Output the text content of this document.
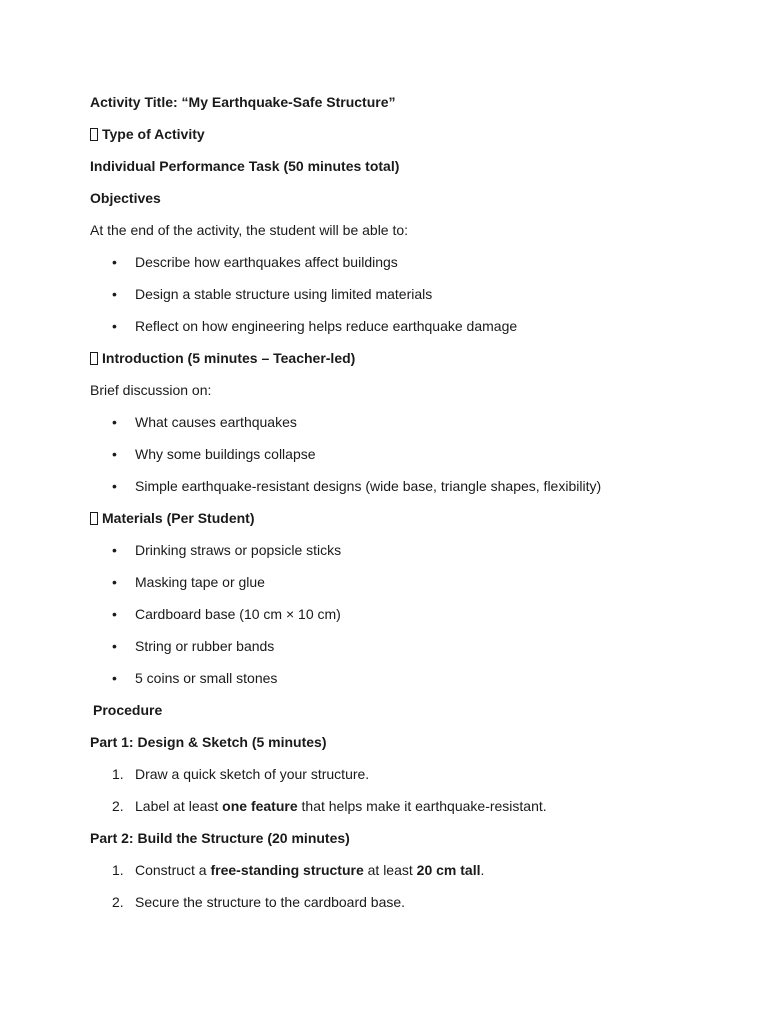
Activity Title: “My Earthquake-Safe Structure”
Type of Activity
Individual Performance Task (50 minutes total)
Objectives
At the end of the activity, the student will be able to:
• Describe how earthquakes affect buildings
• Design a stable structure using limited materials
• Reflect on how engineering helps reduce earthquake damage
Introduction (5 minutes – Teacher-led)
Brief discussion on:
• What causes earthquakes
• Why some buildings collapse
• Simple earthquake-resistant designs (wide base, triangle shapes, flexibility)
Materials (Per Student)
• Drinking straws or popsicle sticks
• Masking tape or glue
• Cardboard base (10 cm × 10 cm)
• String or rubber bands
• 5 coins or small stones
Procedure
Part 1: Design & Sketch (5 minutes)
1. Draw a quick sketch of your structure.
2. Label at least one feature that helps make it earthquake-resistant.
Part 2: Build the Structure (20 minutes)
1. Construct a free-standing structure at least 20 cm tall.
2. Secure the structure to the cardboard base.
